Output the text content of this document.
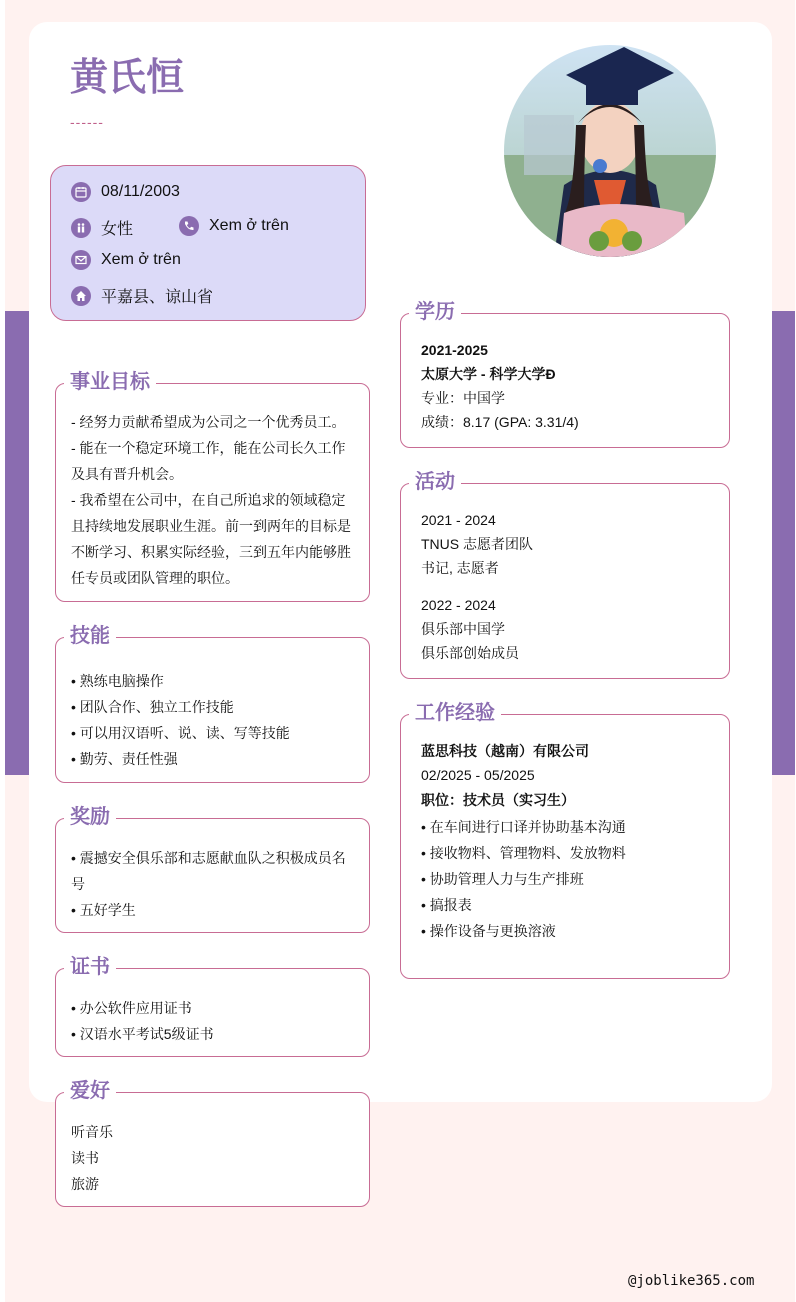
黄氏恒
------
08/11/2003
女性	Xem ở trên
Xem ở trên
平嘉县、谅山省
事业目标

- 经努力贡献希望成为公司之一个优秀员工。

- 能在一个稳定环境工作，能在公司长久工作及具有晋升机会。

- 我希望在公司中，在自己所追求的领域稳定且持续地发展职业生涯。前一到两年的目标是不断学习、积累实际经验，三到五年内能够胜任专员或团队管理的职位。

技能

• 熟练电脑操作

• 团队合作、独立工作技能

• 可以用汉语听、说、读、写等技能

• 勤劳、责任性强

奖励

• 震撼安全俱乐部和志愿献血队之积极成员名号

• 五好学生

证书

• 办公软件应用证书

• 汉语水平考试5级证书

爱好

听音乐

读书

旅游

学历

2021-2025

太原大学 - 科学大学Đ

专业：中国学

成绩：8.17 (GPA: 3.31/4)

活动

2021 - 2024

TNUS 志愿者团队

书记, 志愿者

2022 - 2024

俱乐部中国学

俱乐部创始成员

工作经验

蓝思科技（越南）有限公司

02/2025 - 05/2025

职位：技术员（实习生）

• 在车间进行口译并协助基本沟通

• 接收物料、管理物料、发放物料

• 协助管理人力与生产排班

• 搞报表

• 操作设备与更换溶液

@joblike365.com
